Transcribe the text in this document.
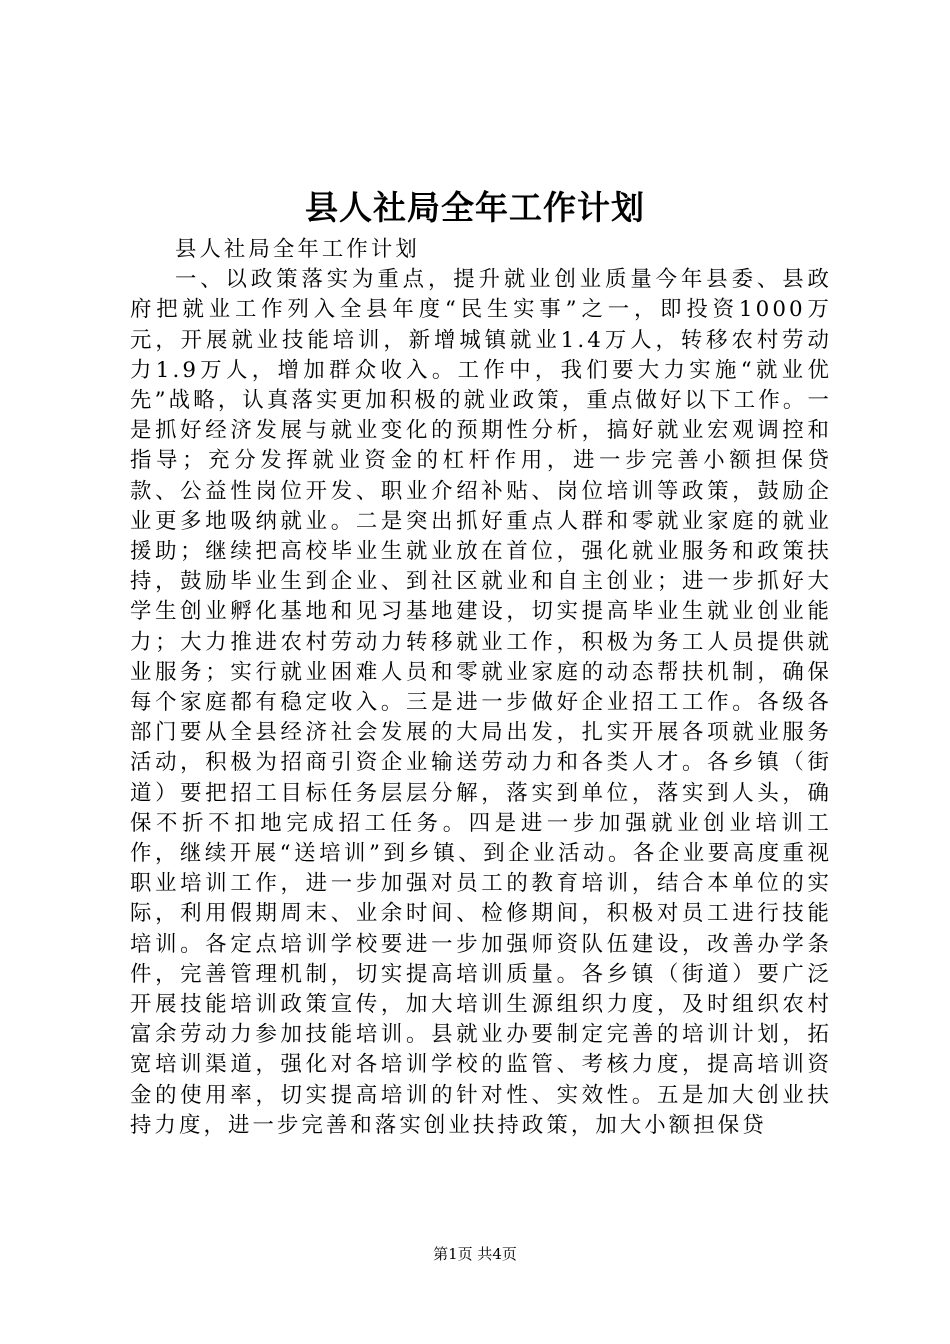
县人社局全年工作计划

县人社局全年工作计划

一、以政策落实为重点，提升就业创业质量今年县委、县政府把就业工作列入全县年度“民生实事”之一，即投资1000万元，开展就业技能培训，新增城镇就业1.4万人，转移农村劳动力1.9万人，增加群众收入。工作中，我们要大力实施“就业优先”战略，认真落实更加积极的就业政策，重点做好以下工作。一是抓好经济发展与就业变化的预期性分析，搞好就业宏观调控和指导；充分发挥就业资金的杠杆作用，进一步完善小额担保贷款、公益性岗位开发、职业介绍补贴、岗位培训等政策，鼓励企业更多地吸纳就业。二是突出抓好重点人群和零就业家庭的就业援助；继续把高校毕业生就业放在首位，强化就业服务和政策扶持，鼓励毕业生到企业、到社区就业和自主创业；进一步抓好大学生创业孵化基地和见习基地建设，切实提高毕业生就业创业能力；大力推进农村劳动力转移就业工作，积极为务工人员提供就业服务；实行就业困难人员和零就业家庭的动态帮扶机制，确保每个家庭都有稳定收入。三是进一步做好企业招工工作。各级各部门要从全县经济社会发展的大局出发，扎实开展各项就业服务活动，积极为招商引资企业输送劳动力和各类人才。各乡镇（街道）要把招工目标任务层层分解，落实到单位，落实到人头，确保不折不扣地完成招工任务。四是进一步加强就业创业培训工作，继续开展“送培训”到乡镇、到企业活动。各企业要高度重视职业培训工作，进一步加强对员工的教育培训，结合本单位的实际，利用假期周末、业余时间、检修期间，积极对员工进行技能培训。各定点培训学校要进一步加强师资队伍建设，改善办学条件，完善管理机制，切实提高培训质量。各乡镇（街道）要广泛开展技能培训政策宣传，加大培训生源组织力度，及时组织农村富余劳动力参加技能培训。县就业办要制定完善的培训计划，拓宽培训渠道，强化对各培训学校的监管、考核力度，提高培训资金的使用率，切实提高培训的针对性、实效性。五是加大创业扶持力度，进一步完善和落实创业扶持政策，加大小额担保贷

第1页 共4页
